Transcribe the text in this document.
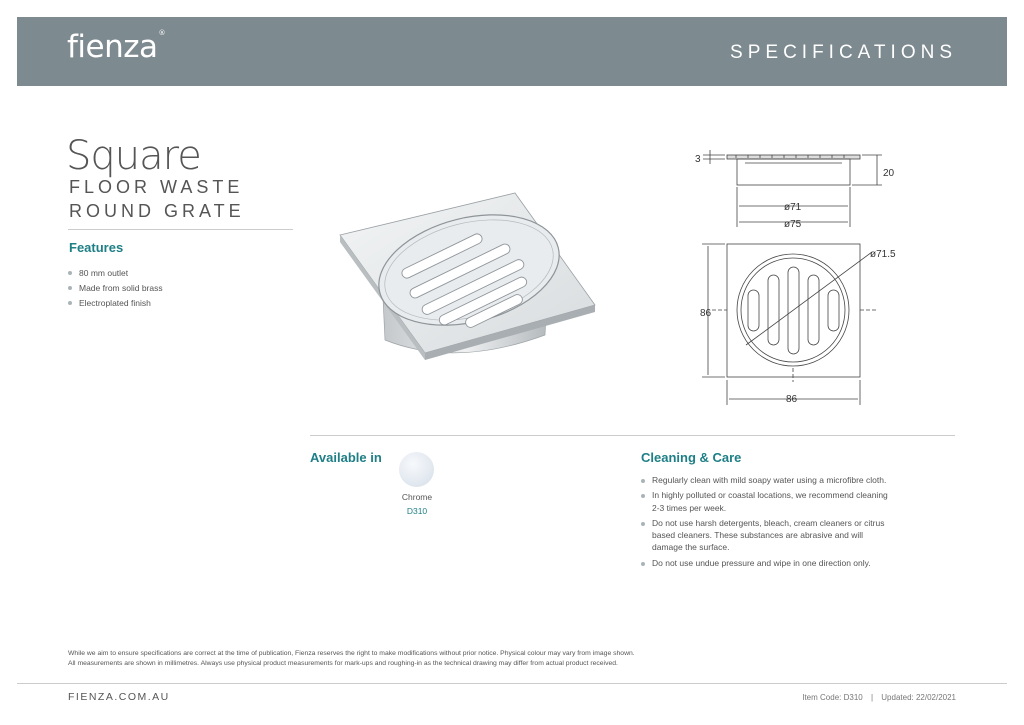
fienza®
SPECIFICATIONS
Square
FLOOR WASTE
ROUND GRATE
Features
80 mm outlet
Made from solid brass
Electroplated finish
3
20
ø71
ø75
ø71.5
86
86
Available in
Chrome
D310
Cleaning & Care
Regularly clean with mild soapy water using a microfibre cloth.
In highly polluted or coastal locations, we recommend cleaning 2-3 times per week.
Do not use harsh detergents, bleach, cream cleaners or citrus based cleaners. These substances are abrasive and will damage the surface.
Do not use undue pressure and wipe in one direction only.
While we aim to ensure specifications are correct at the time of publication, Fienza reserves the right to make modifications without prior notice. Physical colour may vary from image shown.
All measurements are shown in millimetres. Always use physical product measurements for mark-ups and roughing-in as the technical drawing may differ from actual product received.
FIENZA.COM.AU	Item Code: D310 | Updated: 22/02/2021
